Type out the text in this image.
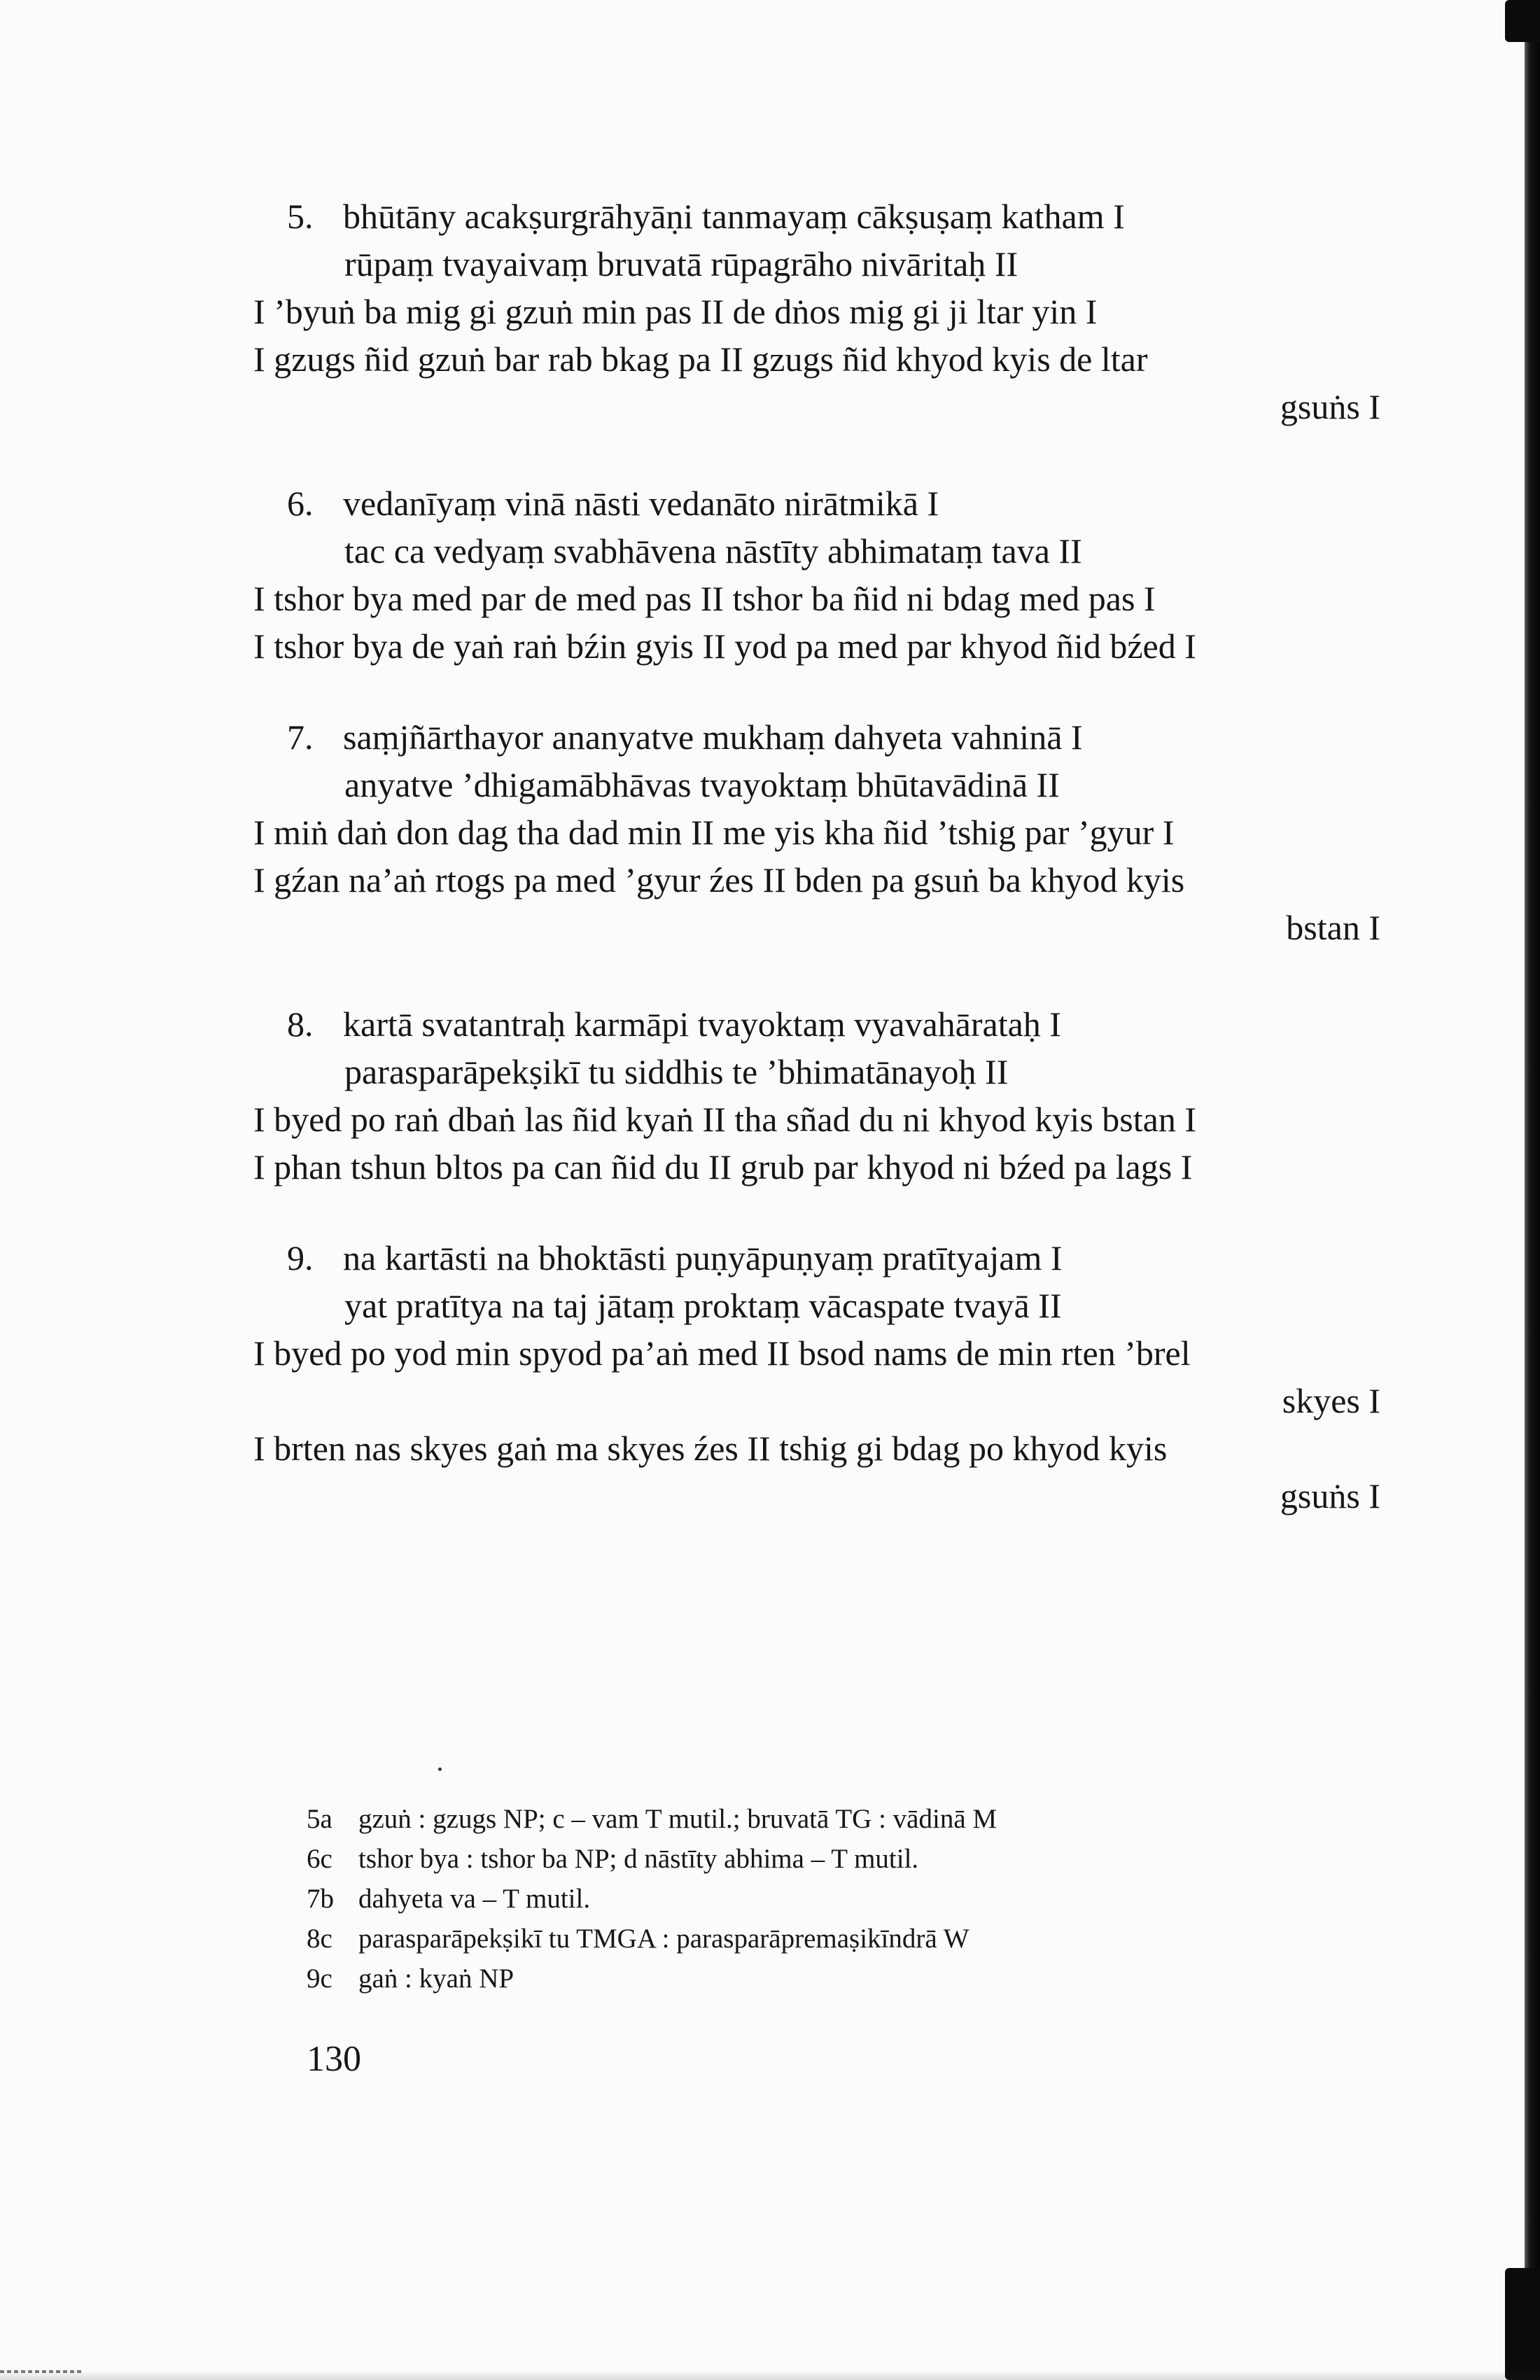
5. bhūtāny acakṣurgrāhyāṇi tanmayaṃ cākṣuṣaṃ katham I
rūpaṃ tvayaivaṃ bruvatā rūpagrāho nivāritaḥ II
I ’byuṅ ba mig gi gzuṅ min pas II de dṅos mig gi ji ltar yin I
I gzugs ñid gzuṅ bar rab bkag pa II gzugs ñid khyod kyis de ltar
gsuṅs I
6. vedanīyaṃ vinā nāsti vedanāto nirātmikā I
tac ca vedyaṃ svabhāvena nāstīty abhimataṃ tava II
I tshor bya med par de med pas II tshor ba ñid ni bdag med pas I
I tshor bya de yaṅ raṅ bźin gyis II yod pa med par khyod ñid bźed I
7. saṃjñārthayor ananyatve mukhaṃ dahyeta vahninā I
anyatve ’dhigamābhāvas tvayoktaṃ bhūtavādinā II
I miṅ daṅ don dag tha dad min II me yis kha ñid ’tshig par ’gyur I
I gźan na’aṅ rtogs pa med ’gyur źes II bden pa gsuṅ ba khyod kyis
bstan I
8. kartā svatantraḥ karmāpi tvayoktaṃ vyavahārataḥ I
parasparāpekṣikī tu siddhis te ’bhimatānayoḥ II
I byed po raṅ dbaṅ las ñid kyaṅ II tha sñad du ni khyod kyis bstan I
I phan tshun bltos pa can ñid du II grub par khyod ni bźed pa lags I
9. na kartāsti na bhoktāsti puṇyāpuṇyaṃ pratītyajam I
yat pratītya na taj jātaṃ proktaṃ vācaspate tvayā II
I byed po yod min spyod pa’aṅ med II bsod nams de min rten ’brel
skyes I
I brten nas skyes gaṅ ma skyes źes II tshig gi bdag po khyod kyis
gsuṅs I
5a gzuṅ : gzugs NP; c – vam T mutil.; bruvatā TG : vādinā M
6c tshor bya : tshor ba NP; d nāstīty abhima – T mutil.
7b dahyeta va – T mutil.
8c parasparāpekṣikī tu TMGA : parasparāpremaṣikīndrā W
9c gaṅ : kyaṅ NP
130
